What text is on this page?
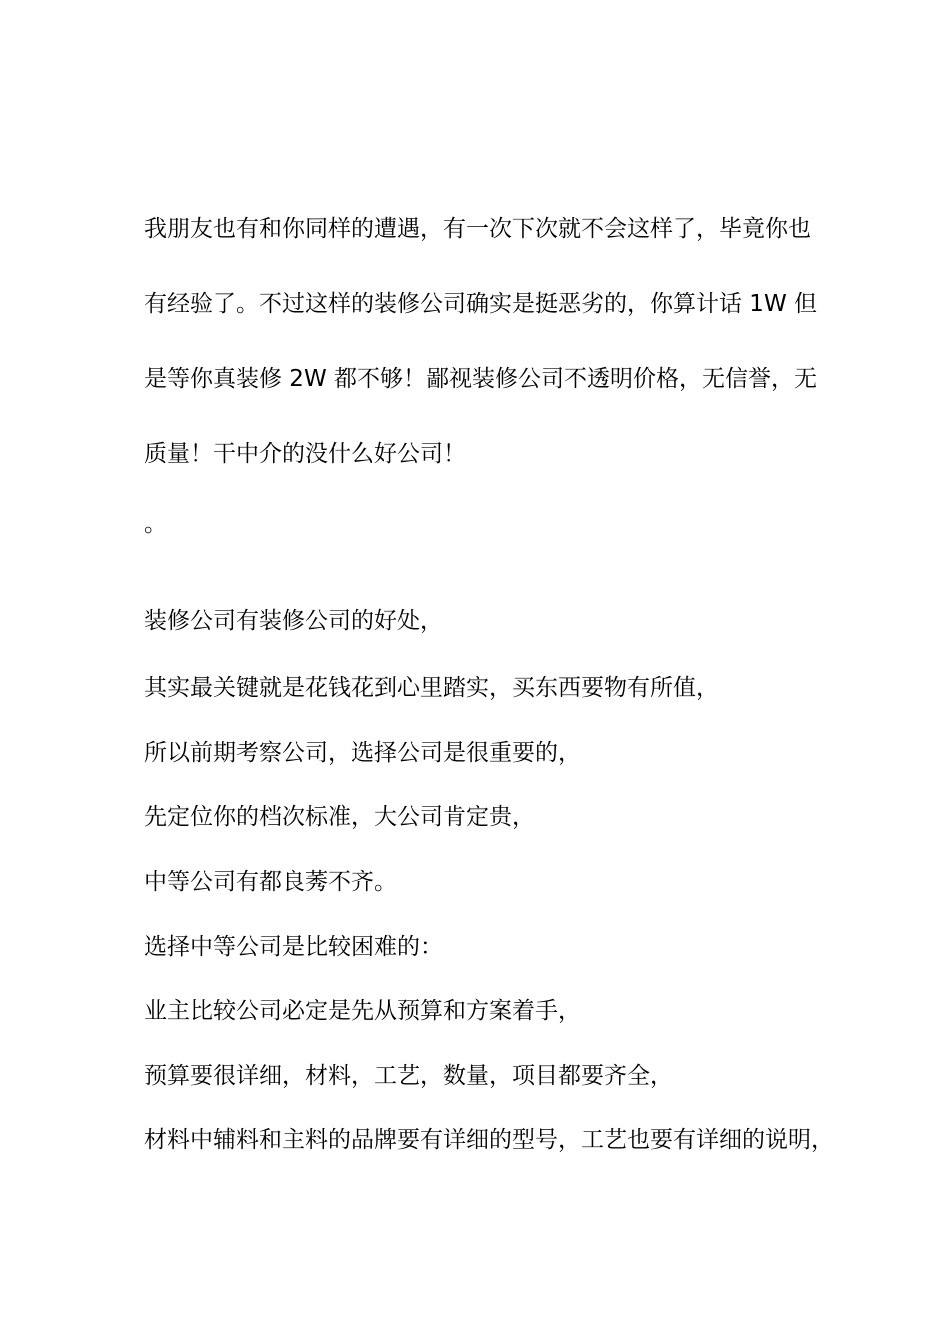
我朋友也有和你同样的遭遇，有一次下次就不会这样了，毕竟你也
有经验了。不过这样的装修公司确实是挺恶劣的，你算计话 1W 但
是等你真装修 2W 都不够！鄙视装修公司不透明价格，无信誉，无
质量！干中介的没什么好公司！
。
装修公司有装修公司的好处，
其实最关键就是花钱花到心里踏实，买东西要物有所值，
所以前期考察公司，选择公司是很重要的，
先定位你的档次标准，大公司肯定贵，
中等公司有都良莠不齐。
选择中等公司是比较困难的：
业主比较公司必定是先从预算和方案着手，
预算要很详细，材料，工艺，数量，项目都要齐全，
材料中辅料和主料的品牌要有详细的型号，工艺也要有详细的说明，
